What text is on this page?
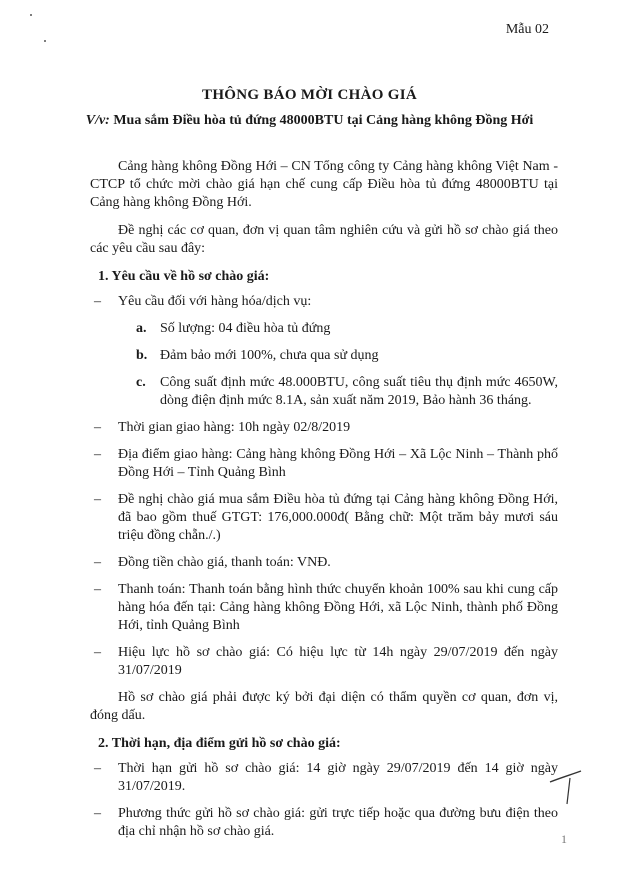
Mẫu 02
THÔNG BÁO MỜI CHÀO GIÁ
V/v: Mua sắm Điều hòa tủ đứng 48000BTU tại Cảng hàng không Đồng Hới

Cảng hàng không Đồng Hới – CN Tổng công ty Cảng hàng không Việt Nam - CTCP tổ chức mời chào giá hạn chế cung cấp Điều hòa tủ đứng 48000BTU tại Cảng hàng không Đồng Hới.

Đề nghị các cơ quan, đơn vị quan tâm nghiên cứu và gửi hồ sơ chào giá theo các yêu cầu sau đây:

1. Yêu cầu về hồ sơ chào giá:
– Yêu cầu đối với hàng hóa/dịch vụ:
a. Số lượng: 04 điều hòa tủ đứng
b. Đảm bảo mới 100%, chưa qua sử dụng
c. Công suất định mức 48.000BTU, công suất tiêu thụ định mức 4650W, dòng điện định mức 8.1A, sản xuất năm 2019, Bảo hành 36 tháng.
– Thời gian giao hàng: 10h ngày 02/8/2019
– Địa điểm giao hàng: Cảng hàng không Đồng Hới – Xã Lộc Ninh – Thành phố Đồng Hới – Tỉnh Quảng Bình
– Đề nghị chào giá mua sắm Điều hòa tủ đứng tại Cảng hàng không Đồng Hới, đã bao gồm thuế GTGT: 176,000.000đ( Bằng chữ: Một trăm bảy mươi sáu triệu đồng chẵn./.)
– Đồng tiền chào giá, thanh toán: VNĐ.
– Thanh toán: Thanh toán bằng hình thức chuyển khoản 100% sau khi cung cấp hàng hóa đến tại: Cảng hàng không Đồng Hới, xã Lộc Ninh, thành phố Đồng Hới, tỉnh Quảng Bình
– Hiệu lực hồ sơ chào giá: Có hiệu lực từ 14h ngày 29/07/2019 đến ngày 31/07/2019

Hồ sơ chào giá phải được ký bởi đại diện có thẩm quyền cơ quan, đơn vị, đóng dấu.

2. Thời hạn, địa điểm gửi hồ sơ chào giá:
– Thời hạn gửi hồ sơ chào giá: 14 giờ ngày 29/07/2019 đến 14 giờ ngày 31/07/2019.
– Phương thức gửi hồ sơ chào giá: gửi trực tiếp hoặc qua đường bưu điện theo địa chỉ nhận hồ sơ chào giá.	1
